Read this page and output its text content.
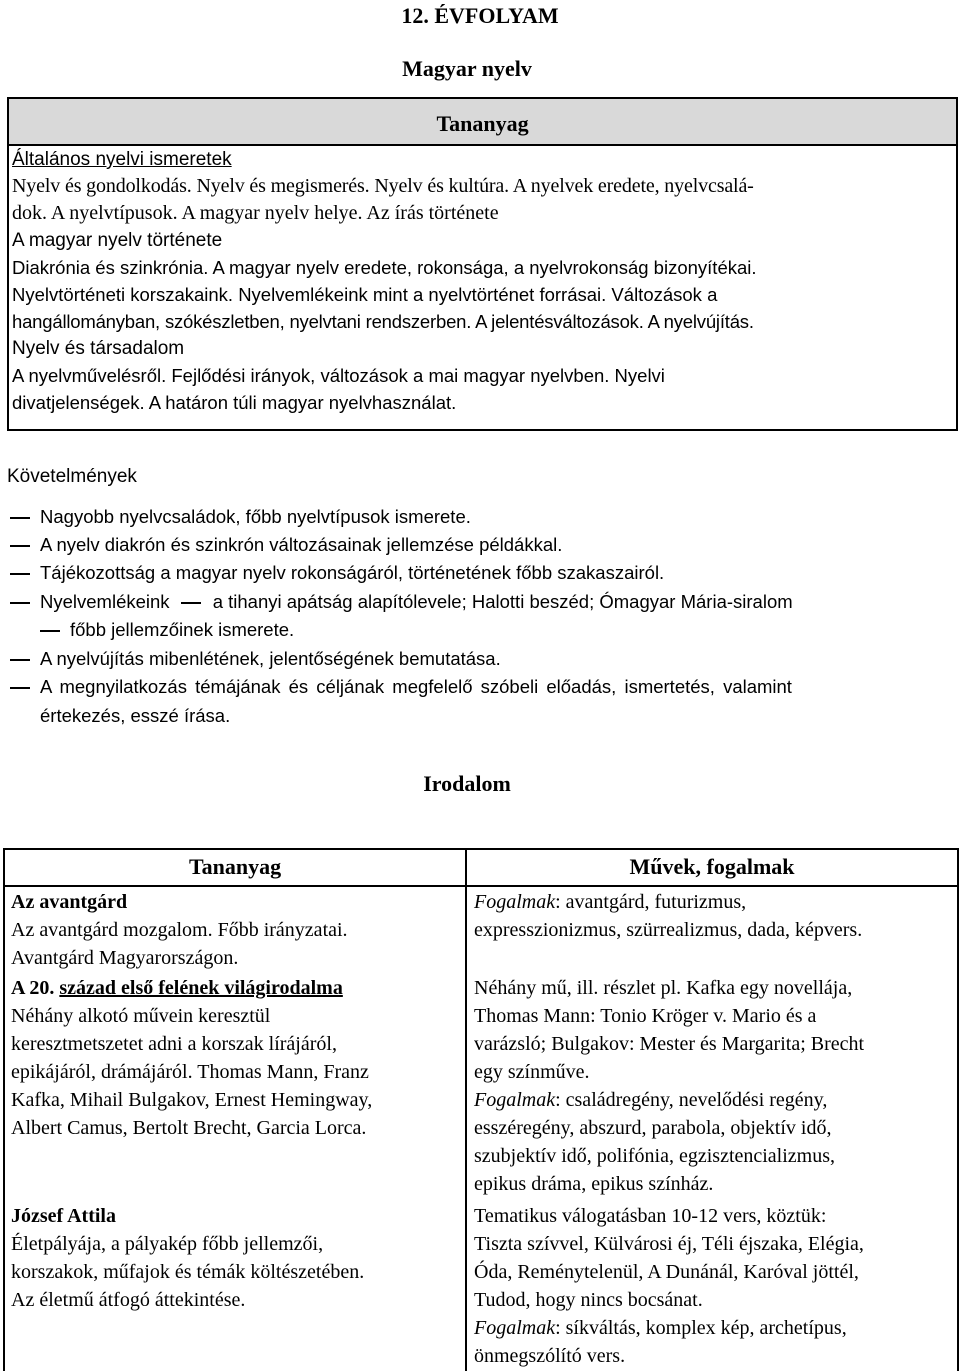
12. ÉVFOLYAM
Magyar nyelv
Tananyag
Általános nyelvi ismeretek
Nyelv és gondolkodás. Nyelv és megismerés. Nyelv és kultúra. A nyelvek eredete, nyelvcsalá-
dok. A nyelvtípusok. A magyar nyelv helye. Az írás története
A magyar nyelv története
Diakrónia és szinkrónia. A magyar nyelv eredete, rokonsága, a nyelvrokonság bizonyítékai.
Nyelvtörténeti korszakaink. Nyelvemlékeink mint a nyelvtörténet forrásai. Változások a
hangállományban, szókészletben, nyelvtani rendszerben. A jelentésváltozások. A nyelvújítás.
Nyelv és társadalom
A nyelvművelésről. Fejlődési irányok, változások a mai magyar nyelvben. Nyelvi
divatjelenségek. A határon túli magyar nyelvhasználat.
Követelmények
Nagyobb nyelvcsaládok, főbb nyelvtípusok ismerete.
A nyelv diakrón és szinkrón változásainak jellemzése példákkal.
Tájékozottság a magyar nyelv rokonságáról, történetének főbb szakaszairól.
Nyelvemlékeink a tihanyi apátság alapítólevele; Halotti beszéd; Ómagyar Mária-siralom
főbb jellemzőinek ismerete.
A nyelvújítás mibenlétének, jelentőségének bemutatása.
A megnyilatkozás témájának és céljának megfelelő szóbeli előadás, ismertetés, valamint
értekezés, esszé írása.
Irodalom
Tananyag	Művek, fogalmak
Az avantgárd
Az avantgárd mozgalom. Főbb irányzatai.
Avantgárd Magyarországon.
A 20. század első felének világirodalma
Néhány alkotó művein keresztül
keresztmetszetet adni a korszak lírájáról,
epikájáról, drámájáról. Thomas Mann, Franz
Kafka, Mihail Bulgakov, Ernest Hemingway,
Albert Camus, Bertolt Brecht, Garcia Lorca.
József Attila
Életpályája, a pályakép főbb jellemzői,
korszakok, műfajok és témák költészetében.
Az életmű átfogó áttekintése.
Fogalmak: avantgárd, futurizmus,
expresszionizmus, szürrealizmus, dada, képvers.
Néhány mű, ill. részlet pl. Kafka egy novellája,
Thomas Mann: Tonio Kröger v. Mario és a
varázsló; Bulgakov: Mester és Margarita; Brecht
egy színműve.
Fogalmak: családregény, nevelődési regény,
esszéregény, abszurd, parabola, objektív idő,
szubjektív idő, polifónia, egzisztencializmus,
epikus dráma, epikus színház.
Tematikus válogatásban 10-12 vers, köztük:
Tiszta szívvel, Külvárosi éj, Téli éjszaka, Elégia,
Óda, Reménytelenül, A Dunánál, Karóval jöttél,
Tudod, hogy nincs bocsánat.
Fogalmak: síkváltás, komplex kép, archetípus,
önmegszólító vers.
